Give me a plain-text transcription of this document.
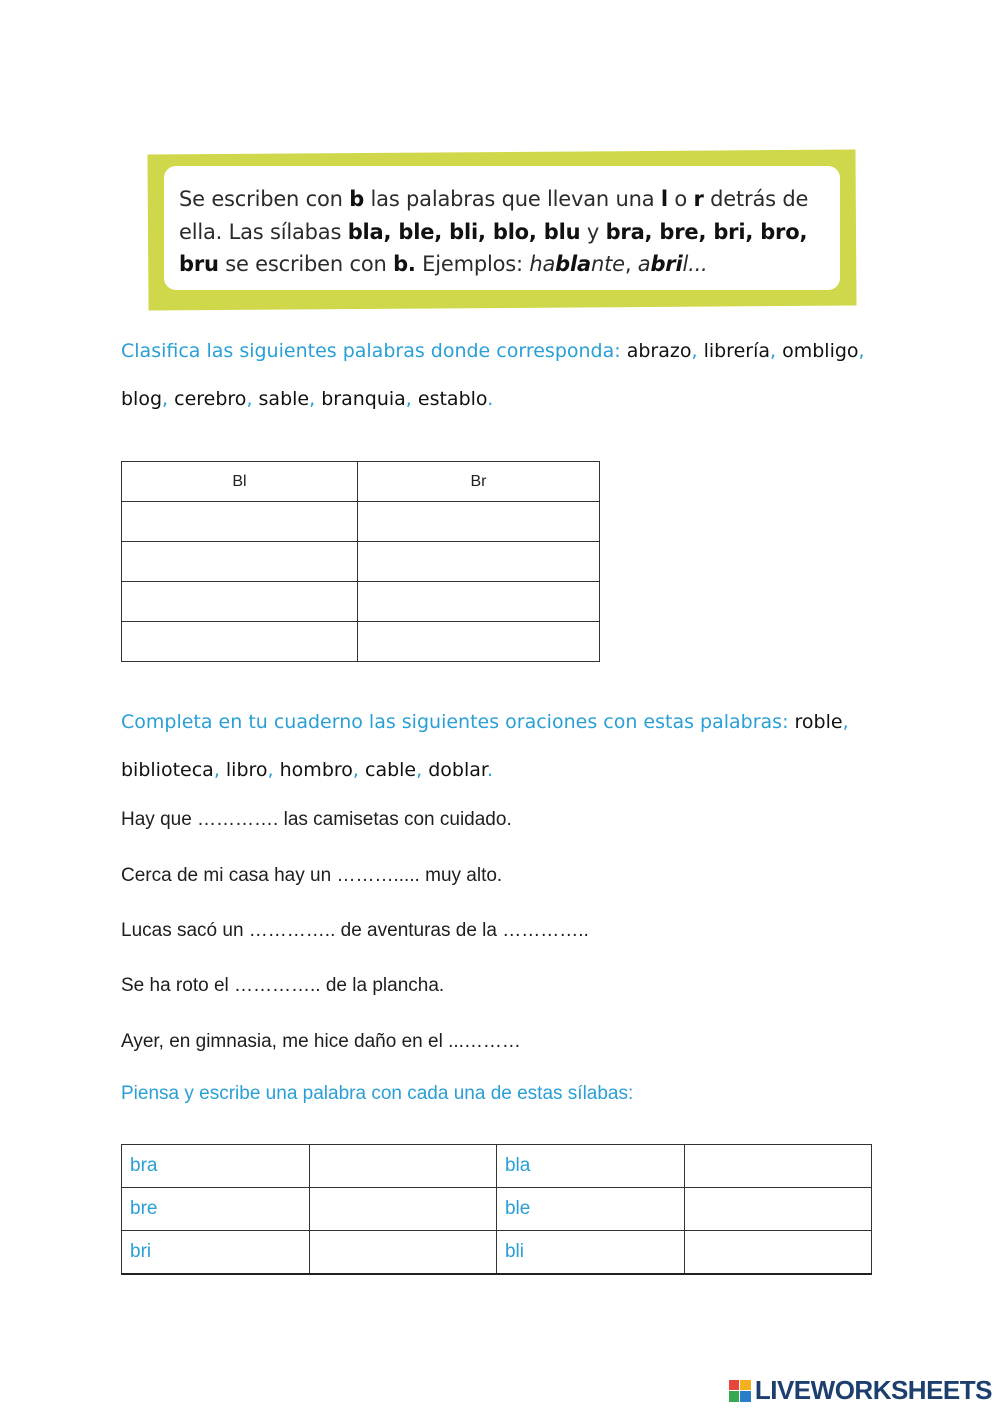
Se escriben con b las palabras que llevan una l o r detrás de ella. Las sílabas bla, ble, bli, blo, blu y bra, bre, bri, bro, bru se escriben con b. Ejemplos: hablante, abril...
Clasifica las siguientes palabras donde corresponda: abrazo, librería, ombligo,
blog, cerebro, sable, branquia, establo.
Bl	Br

Completa en tu cuaderno las siguientes oraciones con estas palabras: roble,
biblioteca, libro, hombro, cable, doblar.
Hay que …………. las camisetas con cuidado.
Cerca de mi casa hay un ………..... muy alto.
Lucas sacó un ………….. de aventuras de la …………..
Se ha roto el ………….. de la plancha.
Ayer, en gimnasia, me hice daño en el ...………
Piensa y escribe una palabra con cada una de estas sílabas:
bra		bla	
bre		ble	
bri		bli	
LIVEWORKSHEETS
